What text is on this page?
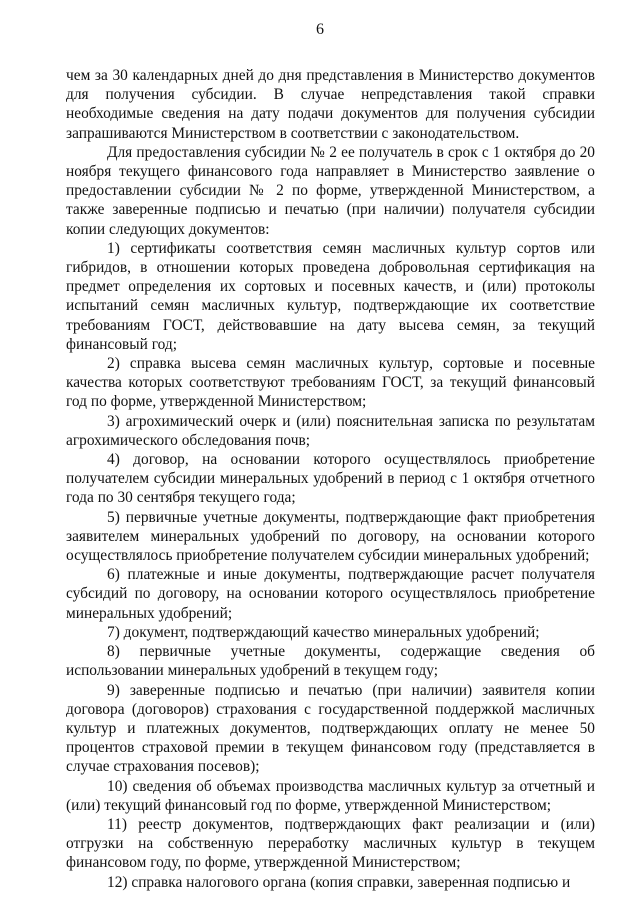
6

чем за 30 календарных дней до дня представления в Министерство документов для получения субсидии. В случае непредставления такой справки необходимые сведения на дату подачи документов для получения субсидии запрашиваются Министерством в соответствии с законодательством.

Для предоставления субсидии № 2 ее получатель в срок с 1 октября до 20 ноября текущего финансового года направляет в Министерство заявление о предоставлении субсидии № 2 по форме, утвержденной Министерством, а также заверенные подписью и печатью (при наличии) получателя субсидии копии следующих документов:

1) сертификаты соответствия семян масличных культур сортов или гибридов, в отношении которых проведена добровольная сертификация на предмет определения их сортовых и посевных качеств, и (или) протоколы испытаний семян масличных культур, подтверждающие их соответствие требованиям ГОСТ, действовавшие на дату высева семян, за текущий финансовый год;

2) справка высева семян масличных культур, сортовые и посевные качества которых соответствуют требованиям ГОСТ, за текущий финансовый год по форме, утвержденной Министерством;

3) агрохимический очерк и (или) пояснительная записка по результатам агрохимического обследования почв;

4) договор, на основании которого осуществлялось приобретение получателем субсидии минеральных удобрений в период с 1 октября отчетного года по 30 сентября текущего года;

5) первичные учетные документы, подтверждающие факт приобретения заявителем минеральных удобрений по договору, на основании которого осуществлялось приобретение получателем субсидии минеральных удобрений;

6) платежные и иные документы, подтверждающие расчет получателя субсидий по договору, на основании которого осуществлялось приобретение минеральных удобрений;

7) документ, подтверждающий качество минеральных удобрений;

8) первичные учетные документы, содержащие сведения об использовании минеральных удобрений в текущем году;

9) заверенные подписью и печатью (при наличии) заявителя копии договора (договоров) страхования с государственной поддержкой масличных культур и платежных документов, подтверждающих оплату не менее 50 процентов страховой премии в текущем финансовом году (представляется в случае страхования посевов);

10) сведения об объемах производства масличных культур за отчетный и (или) текущий финансовый год по форме, утвержденной Министерством;

11) реестр документов, подтверждающих факт реализации и (или) отгрузки на собственную переработку масличных культур в текущем финансовом году, по форме, утвержденной Министерством;

12) справка налогового органа (копия справки, заверенная подписью и
